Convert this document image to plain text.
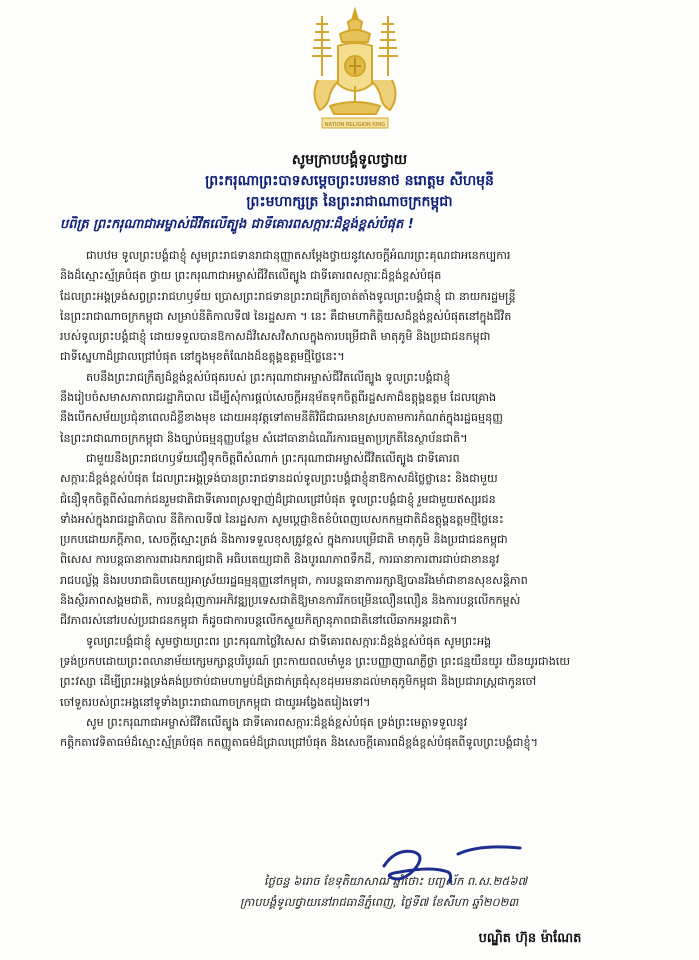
NATION RELIGION KING
សូមក្រាបបង្គំទូលថ្វាយ
ព្រះករុណាព្រះបាទសម្តេចព្រះបរមនាថ នរោត្តម សីហមុនី
ព្រះមហាក្សត្រ នៃព្រះរាជាណាចក្រកម្ពុជា
បពិត្រ ព្រះករុណាជាអម្ចាស់ជីវិតលើត្បូង ជាទីគោរពសក្ការៈដ៏ខ្ពង់ខ្ពស់បំផុត !
ជាបឋម ទូលព្រះបង្គំជាខ្ញុំ សូមព្រះរាជទានរាជានុញ្ញាតសម្តែងថ្វាយនូវសេចក្តីអំណរព្រះគុណជាអនេកប្បការ
និងដ៏ស្មោះស្ម័គ្របំផុត ថ្វាយ ព្រះករុណាជាអម្ចាស់ជីវិតលើត្បូង ជាទីគោរពសក្ការៈដ៏ខ្ពង់ខ្ពស់បំផុត
ដែលព្រះអង្គទ្រង់សព្វព្រះរាជហឫទ័យ ប្រោសព្រះរាជទានព្រះរាជក្រឹត្យចាត់តាំងទូលព្រះបង្គំជាខ្ញុំ ជា នាយករដ្ឋមន្ត្រី
នៃព្រះរាជាណាចក្រកម្ពុជា សម្រាប់នីតិកាលទី៧ នៃរដ្ឋសភា ។ នេះ គឺជាមហាកិត្តិយសដ៏ខ្ពង់ខ្ពស់បំផុតនៅក្នុងជីវិត
របស់ទូលព្រះបង្គំជាខ្ញុំ ដោយទទួលបានឱកាសដ៏វិសេសវិសាលក្នុងការបម្រើជាតិ មាតុភូមិ និងប្រជាជនកម្ពុជា
ជាទីស្នេហាដ៏ជ្រាលជ្រៅបំផុត នៅក្នុងមុខតំណែងដ៏ឧត្តុង្គឧត្តមថ្មីថ្លៃនេះ។
តបនឹងព្រះរាជក្រឹត្យដ៏ខ្ពង់ខ្ពស់បំផុតរបស់ ព្រះករុណាជាអម្ចាស់ជីវិតលើត្បូង ទូលព្រះបង្គំជាខ្ញុំ
នឹងរៀបចំសមាសភាពរាជរដ្ឋាភិបាល ដើម្បីសុំការផ្តល់សេចក្តីអនុម័តទុកចិត្តពីរដ្ឋសភាដ៏ឧត្តុង្គឧត្តម ដែលគ្រោង
នឹងបើកសម័យប្រជុំនាពេលដ៏ខ្លីខាងមុខ ដោយអនុវត្តទៅតាមនីតិវិធីជាធរមានស្របតាមការកំណត់ក្នុងរដ្ឋធម្មនុញ្ញ
នៃព្រះរាជាណាចក្រកម្ពុជា និងច្បាប់ធម្មនុញ្ញបន្ថែម សំដៅធានាដំណើរការធម្មតាប្រក្រតីនៃស្ថាប័នជាតិ។
ជាមួយនឹងព្រះរាជហឫទ័យជឿទុកចិត្តពីសំណាក់ ព្រះករុណាជាអម្ចាស់ជីវិតលើត្បូង ជាទីគោរព
សក្ការៈដ៏ខ្ពង់ខ្ពស់បំផុត ដែលព្រះអង្គទ្រង់បានព្រះរាជទានដល់ទូលព្រះបង្គំជាខ្ញុំនាឱកាសដ៏ថ្លៃថ្លានេះ និងជាមួយ
ជំនឿទុកចិត្តពីសំណាក់ជនរួមជាតិជាទីគោរពស្រឡាញ់ដ៏ជ្រាលជ្រៅបំផុត ទូលព្រះបង្គំជាខ្ញុំ រួមជាមួយឥស្សរជន
ទាំងអស់ក្នុងរាជរដ្ឋាភិបាល នីតិកាលទី៧ នៃរដ្ឋសភា សូមប្តេជ្ញាខិតខំបំពេញបេសកកម្មជាតិដ៏ឧត្តុង្គឧត្តមថ្មីថ្លៃនេះ
ប្រកបដោយភក្តីភាព, សេចក្តីស្មោះត្រង់ និងការទទួលខុសត្រូវខ្ពស់ ក្នុងការបម្រើជាតិ មាតុភូមិ និងប្រជាជនកម្ពុជា
ពិសេស ការបន្តធានាការពារឯករាជ្យជាតិ អធិបតេយ្យជាតិ និងបូរណភាពទឹកដី, ការធានាការពារជាប់ជាខាននូវ
រាជបល្ល័ង្ក និងរបបរាជាធិបតេយ្យអាស្រ័យរដ្ឋធម្មនុញ្ញនៅកម្ពុជា, ការបន្តធានាការរក្សាឱ្យបានរឹងមាំជាខានសុខសន្តិភាព
និងស្ថិរភាពសង្គមជាតិ, ការបន្តជំរុញការអភិវឌ្ឍប្រទេសជាតិឱ្យមានការរីកចម្រើនលឿនលឿន និងការបន្តលើកកម្ពស់
ជីវភាពរស់នៅរបស់ប្រជាជនកម្ពុជា ក៏ដូចជាការបន្តលើកស្ទួយកិត្យានុភាពជាតិនៅលើឆាកអន្តរជាតិ។
ទូលព្រះបង្គំជាខ្ញុំ សូមថ្វាយព្រះពរ ព្រះករុណាថ្លៃវិសេស ជាទីគោរពសក្ការៈដ៏ខ្ពង់ខ្ពស់បំផុត សូមព្រះអង្គ
ទ្រង់ប្រកបដោយព្រះពលានាម័យក្សេមក្សាន្តបរិបូរណ៍ ព្រះកាយពលមាំមួន ព្រះបញ្ញាញាណភ្លឺថ្លា ព្រះជន្មយឺនយូរ យឺនយូរជាងយេ
ព្រះវស្សា ដើម្បីព្រះអង្គទ្រង់គង់ប្រថាប់ជាមហាម្លប់ដ៏ត្រជាក់ត្រជុំសុខដុមរមនាដល់មាតុភូមិកម្ពុជា និងប្រជារាស្ត្រជាកូនចៅ
ចៅទួតរបស់ព្រះអង្គនៅទូទាំងព្រះរាជាណាចក្រកម្ពុជា ជាយូរអង្វែងតរៀងទៅ។
សូម ព្រះករុណាជាអម្ចាស់ជីវិតលើត្បូង ជាទីគោរពសក្ការៈដ៏ខ្ពង់ខ្ពស់បំផុត ទ្រង់ព្រះមេត្តាទទួលនូវ
កត្តិកតាវេទិតាធម៌ដ៏ស្មោះស្ម័គ្របំផុត កតញ្ញូតាធម៌ដ៏ជ្រាលជ្រៅបំផុត និងសេចក្តីគោរពដ៏ខ្ពង់ខ្ពស់បំផុតពីទូលព្រះបង្គំជាខ្ញុំ។
ថ្ងៃចន្ទ ៦រោច ខែទុតិយាសាឍ ឆ្នាំថោះ បញ្ចស័ក ព.ស.២៥៦៧
ក្រាបបង្គំទូលថ្វាយនៅរាជធានីភ្នំពេញ, ថ្ងៃទី៧ ខែសីហា ឆ្នាំ២០២៣
បណ្ឌិត ហ៊ុន ម៉ាណែត
